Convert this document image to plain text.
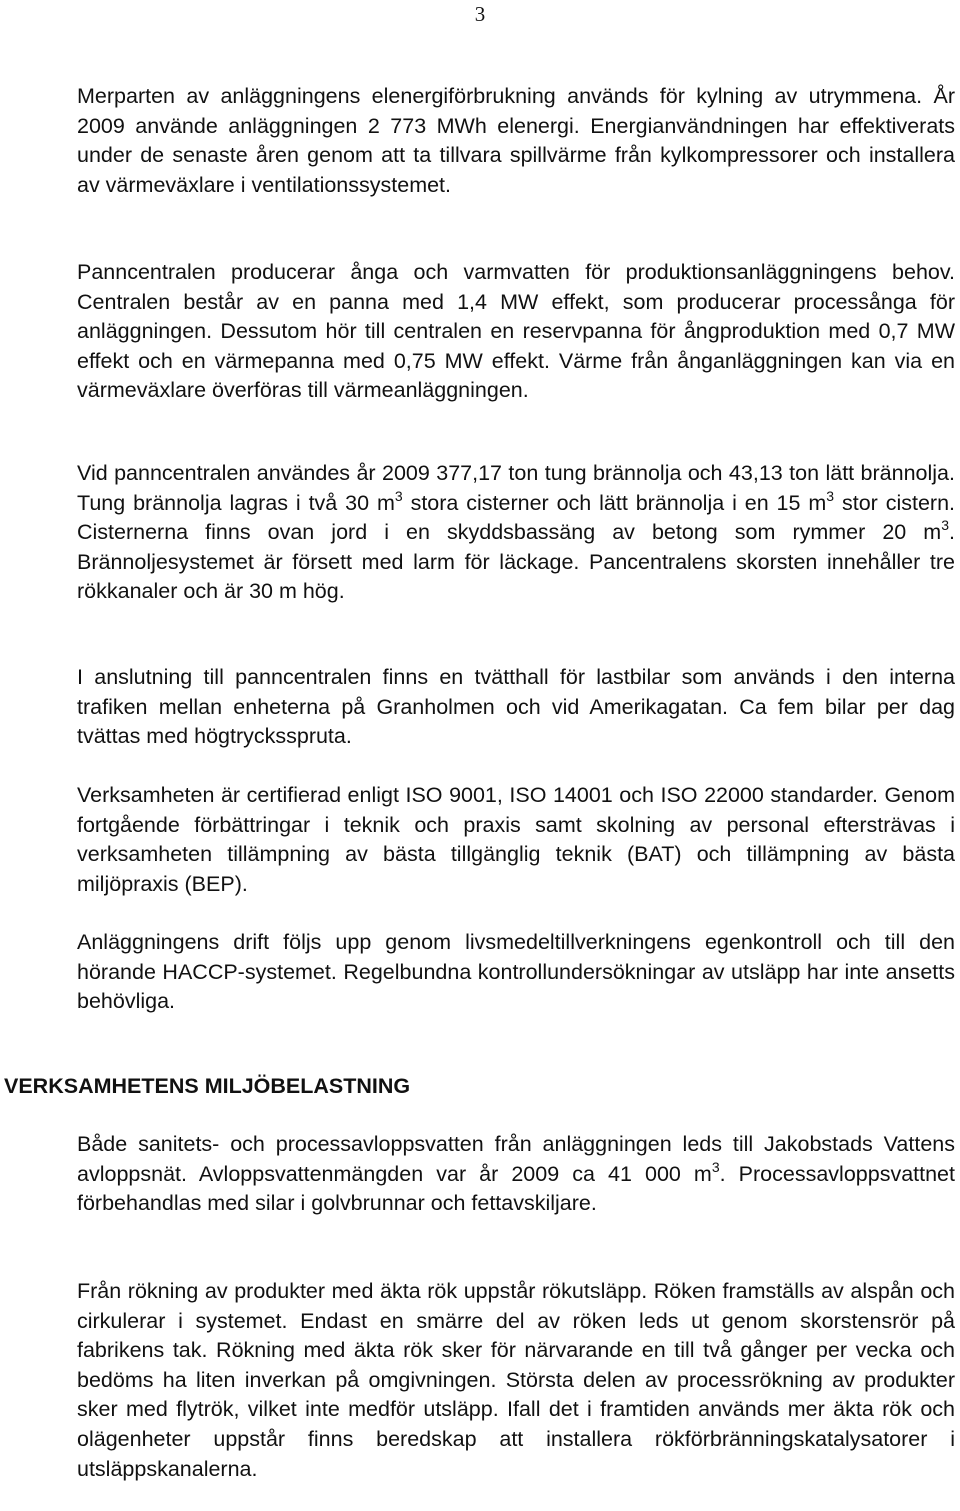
3

Merparten av anläggningens elenergiförbrukning används för kylning av utrymmena. År 2009 använde anläggningen 2 773 MWh elenergi. Energianvändningen har effektiverats under de senaste åren genom att ta tillvara spillvärme från kylkompressorer och installera av värmeväxlare i ventilationssystemet.

Panncentralen producerar ånga och varmvatten för produktionsanläggningens behov. Centralen består av en panna med 1,4 MW effekt, som producerar processånga för anläggningen. Dessutom hör till centralen en reservpanna för ångproduktion med 0,7 MW effekt och en värmepanna med 0,75 MW effekt. Värme från ånganläggningen kan via en värmeväxlare överföras till värmeanläggningen.

Vid panncentralen användes år 2009 377,17 ton tung brännolja och 43,13 ton lätt brännolja. Tung brännolja lagras i två 30 $m^3$ stora cisterner och lätt brännolja i en 15 $m^3$ stor cistern. Cisternerna finns ovan jord i en skyddsbassäng av betong som rymmer 20 $m^3$. Brännoljesystemet är försett med larm för läckage. Pancentralens skorsten innehåller tre rökkanaler och är 30 m hög.

I anslutning till panncentralen finns en tvätthall för lastbilar som används i den interna trafiken mellan enheterna på Granholmen och vid Amerikagatan. Ca fem bilar per dag tvättas med högtrycksspruta.

Verksamheten är certifierad enligt ISO 9001, ISO 14001 och ISO 22000 standarder. Genom fortgående förbättringar i teknik och praxis samt skolning av personal eftersträvas i verksamheten tillämpning av bästa tillgänglig teknik (BAT) och tillämpning av bästa miljöpraxis (BEP).

Anläggningens drift följs upp genom livsmedeltillverkningens egenkontroll och till den hörande HACCP-systemet. Regelbundna kontrollundersökningar av utsläpp har inte ansetts behövliga.

VERKSAMHETENS MILJÖBELASTNING

Både sanitets- och processavloppsvatten från anläggningen leds till Jakobstads Vattens avloppsnät. Avloppsvattenmängden var år 2009 ca 41 000 $m^3$. Processavloppsvattnet förbehandlas med silar i golvbrunnar och fettavskiljare.

Från rökning av produkter med äkta rök uppstår rökutsläpp. Röken framställs av alspån och cirkulerar i systemet. Endast en smärre del av röken leds ut genom skorstensrör på fabrikens tak. Rökning med äkta rök sker för närvarande en till två gånger per vecka och bedöms ha liten inverkan på omgivningen. Största delen av processrökning av produkter sker med flytrök, vilket inte medför utsläpp. Ifall det i framtiden används mer äkta rök och olägenheter uppstår finns beredskap att installera rökförbränningskatalysatorer i utsläppskanalerna.
